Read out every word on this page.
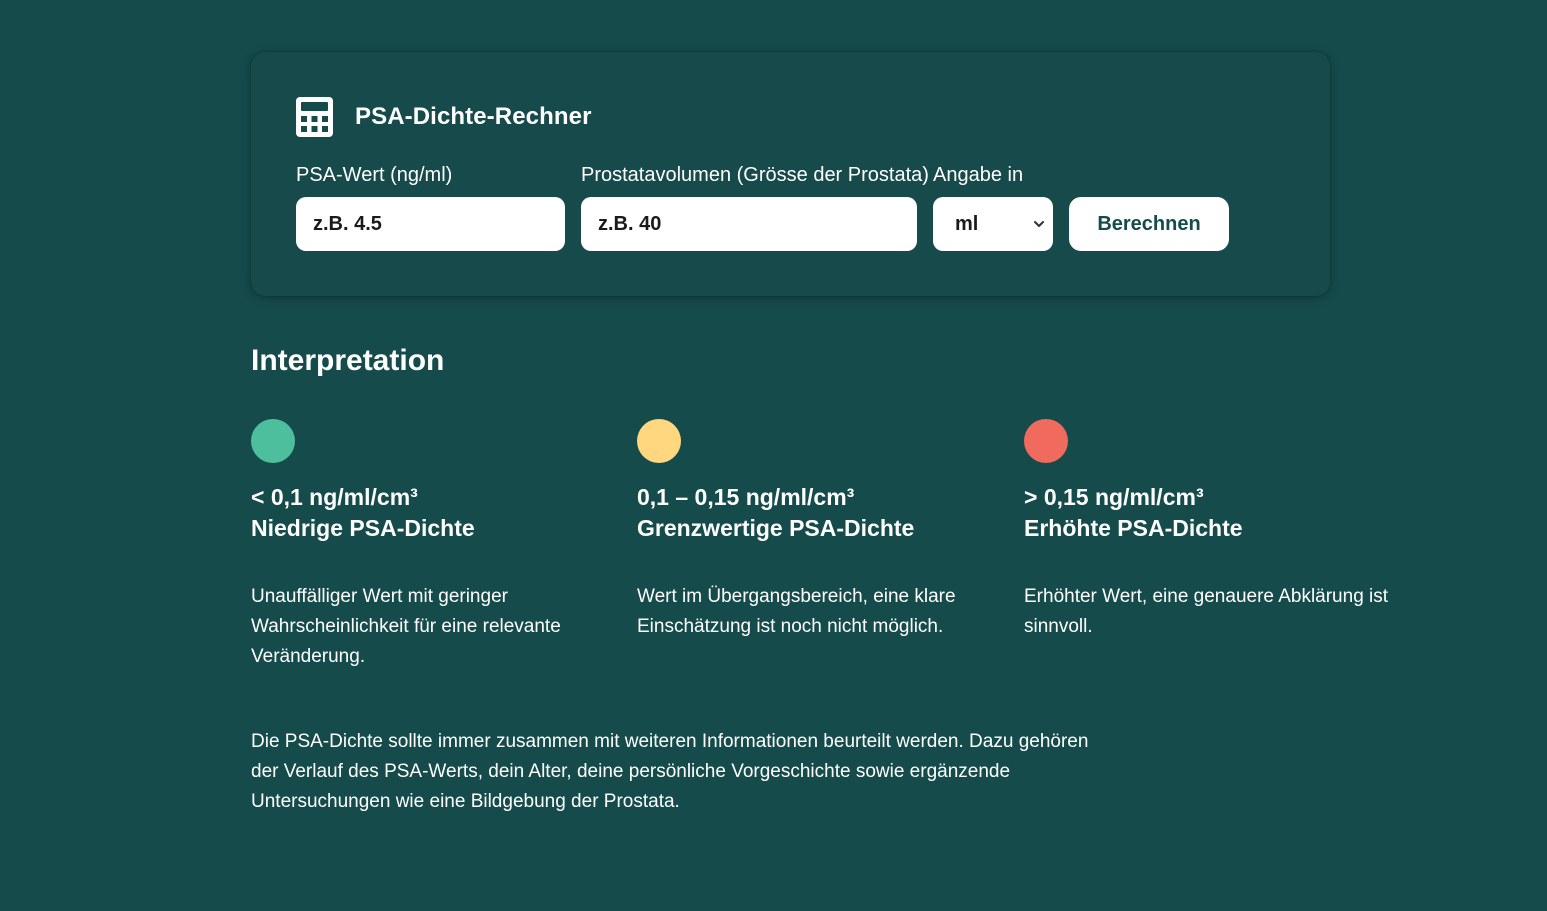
PSA-Dichte-Rechner
PSA-Wert (ng/ml)
z.B. 4.5	Prostatavolumen (Grösse der Prostata)
z.B. 40 Angabe in
ml	Berechnen
Interpretation
< 0,1 ng/ml/cm³
Niedrige PSA-Dichte
Unauffälliger Wert mit geringer Wahrscheinlichkeit für eine relevante Veränderung.
0,1 – 0,15 ng/ml/cm³
Grenzwertige PSA-Dichte
Wert im Übergangsbereich, eine klare Einschätzung ist noch nicht möglich.
> 0,15 ng/ml/cm³
Erhöhte PSA-Dichte
Erhöhter Wert, eine genauere Abklärung ist sinnvoll.

Die PSA-Dichte sollte immer zusammen mit weiteren Informationen beurteilt werden. Dazu gehören der Verlauf des PSA-Werts, dein Alter, deine persönliche Vorgeschichte sowie ergänzende Untersuchungen wie eine Bildgebung der Prostata.
